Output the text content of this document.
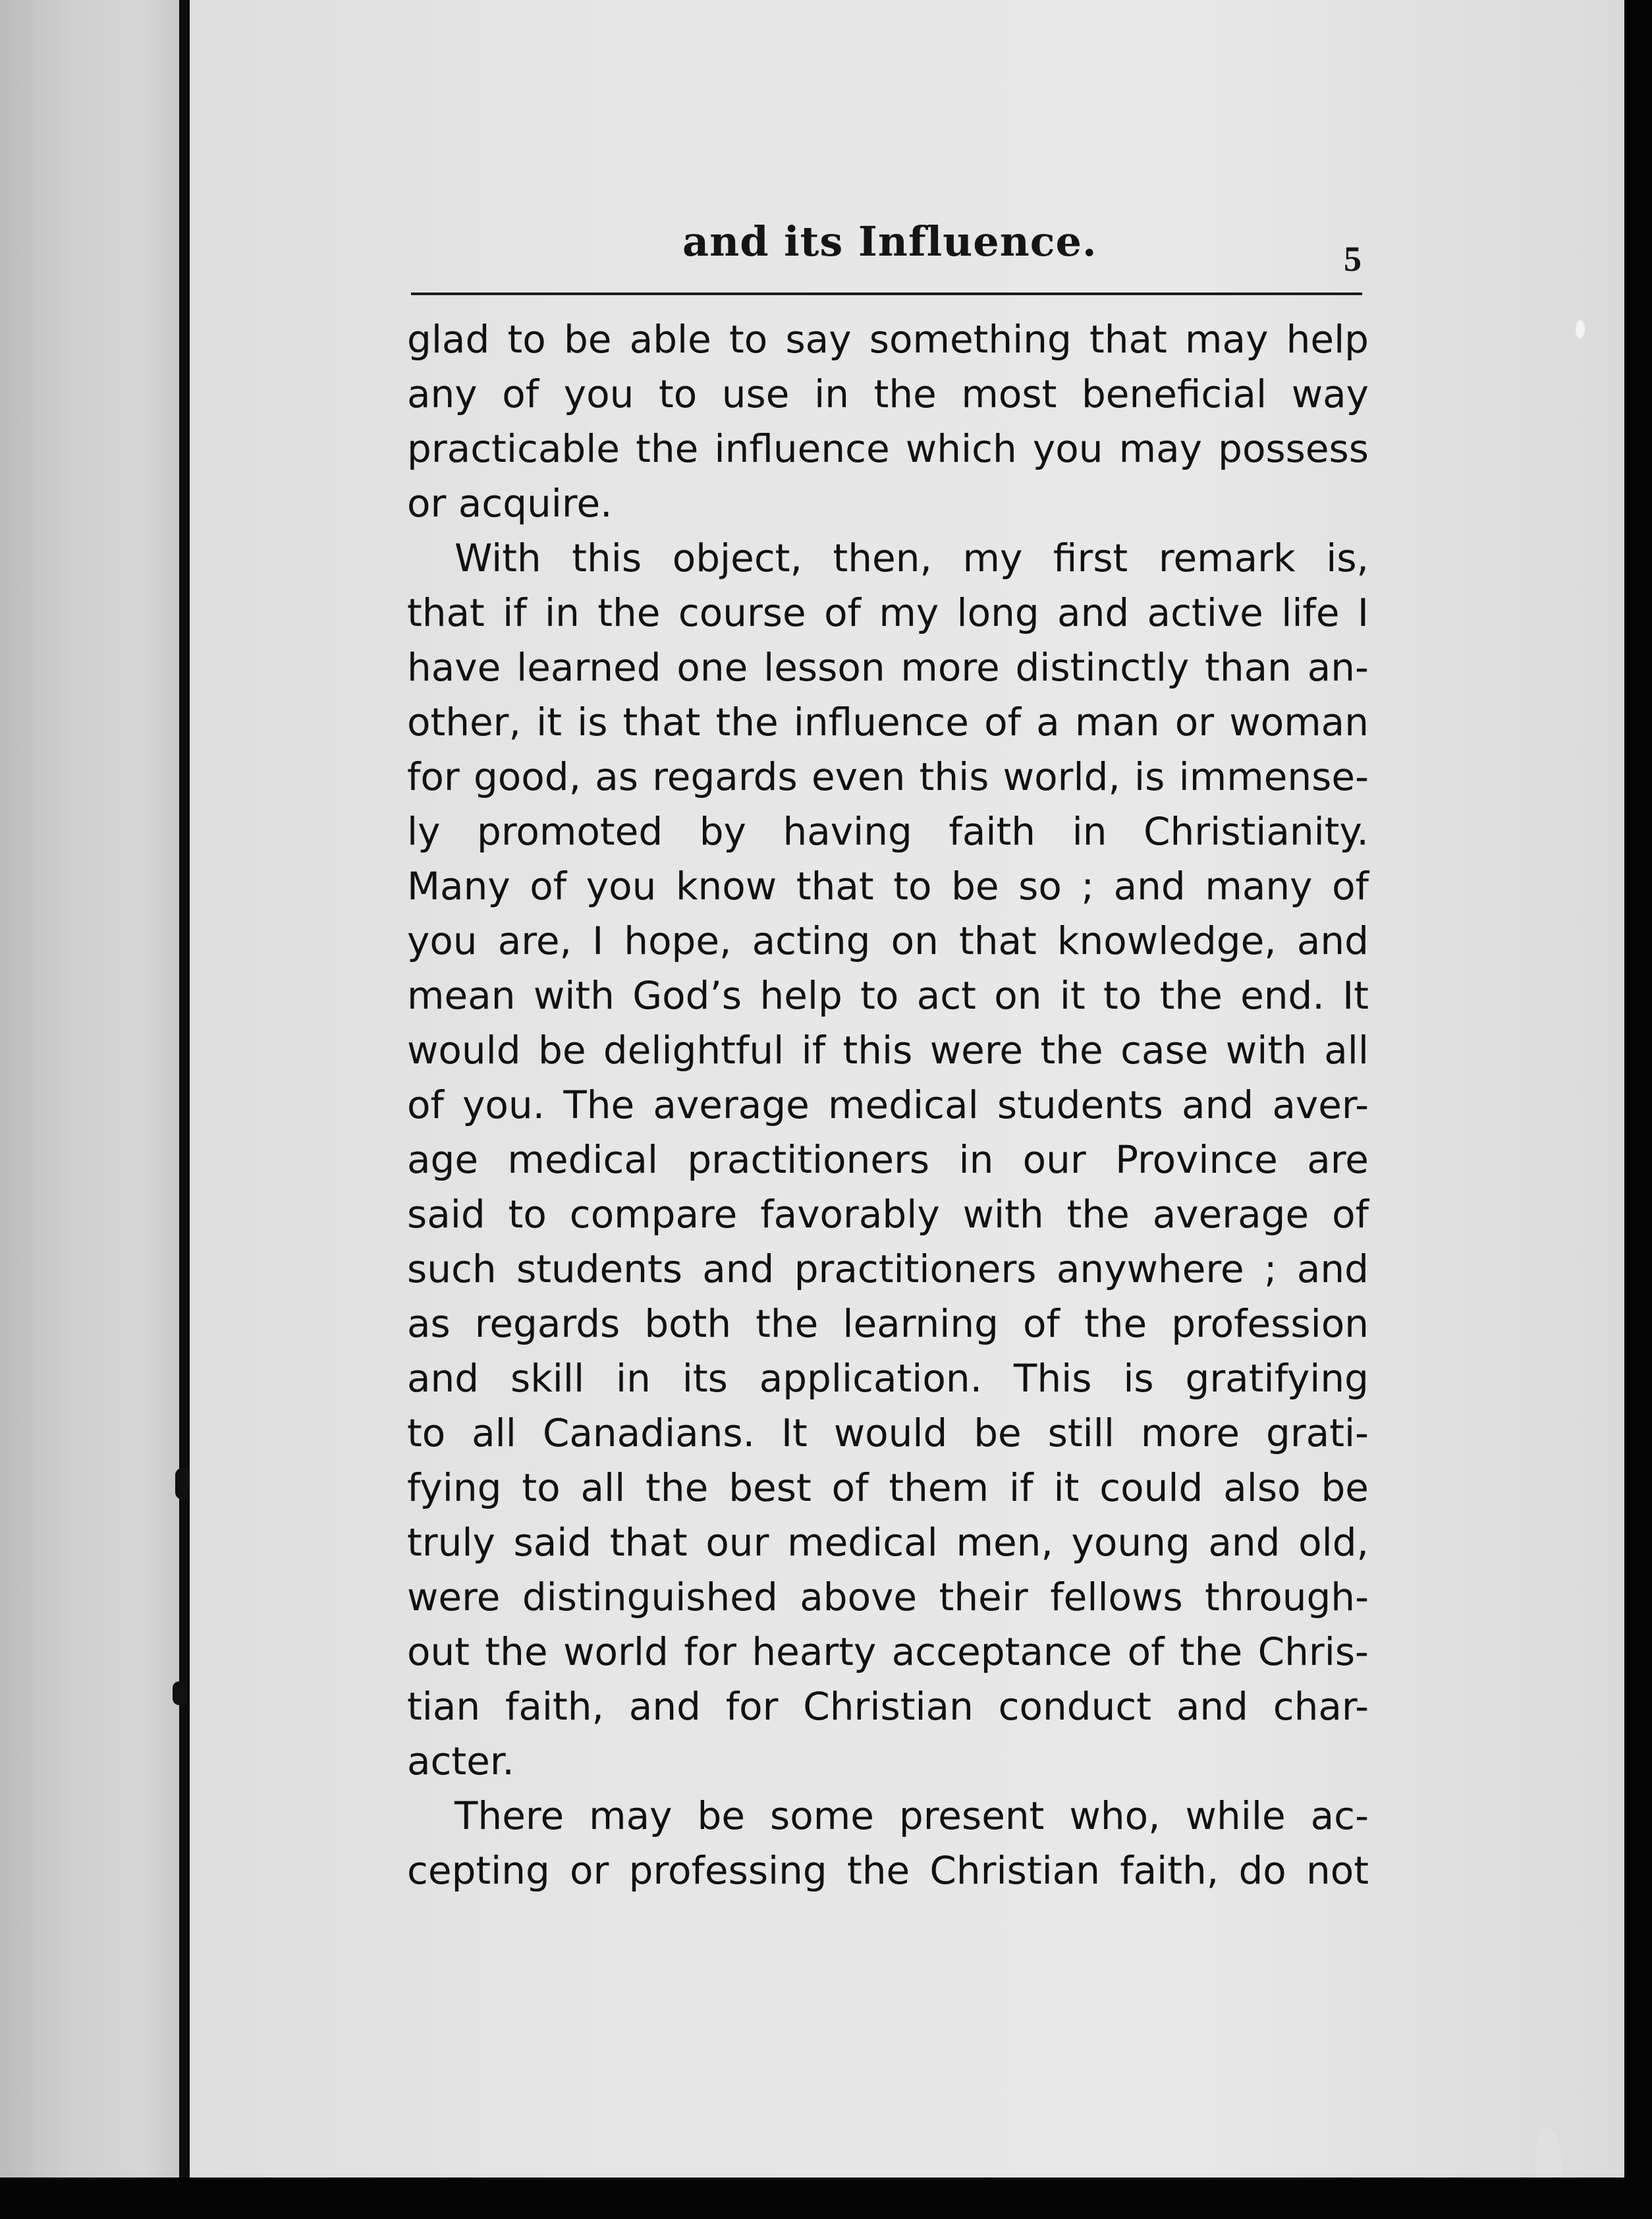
and its Influence.	5
glad to be able to say something that may help
any of you to use in the most beneficial way
practicable the influence which you may possess
or acquire.
With this object, then, my first remark is,
that if in the course of my long and active life I
have learned one lesson more distinctly than an-
other, it is that the influence of a man or woman
for good, as regards even this world, is immense-
ly promoted by having faith in Christianity.
Many of you know that to be so ; and many of
you are, I hope, acting on that knowledge, and
mean with God’s help to act on it to the end. It
would be delightful if this were the case with all
of you. The average medical students and aver-
age medical practitioners in our Province are
said to compare favorably with the average of
such students and practitioners anywhere ; and
as regards both the learning of the profession
and skill in its application. This is gratifying
to all Canadians. It would be still more grati-
fying to all the best of them if it could also be
truly said that our medical men, young and old,
were distinguished above their fellows through-
out the world for hearty acceptance of the Chris-
tian faith, and for Christian conduct and char-
acter.
There may be some present who, while ac-
cepting or professing the Christian faith, do not
